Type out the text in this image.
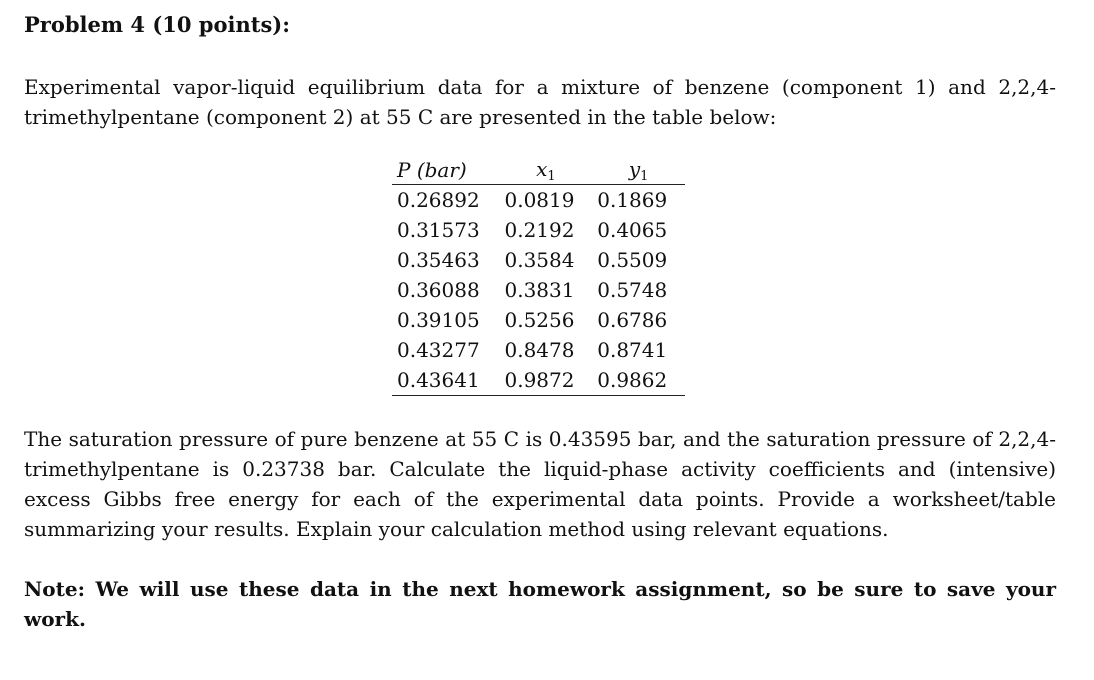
Problem 4 (10 points):

Experimental vapor-liquid equilibrium data for a mixture of benzene (component 1) and 2,2,4-trimethylpentane (component 2) at 55 C are presented in the table below:

P (bar)	$x_1$	$y_1$
0.26892	0.0819	0.1869
0.31573	0.2192	0.4065
0.35463	0.3584	0.5509
0.36088	0.3831	0.5748
0.39105	0.5256	0.6786
0.43277	0.8478	0.8741
0.43641	0.9872	0.9862

The saturation pressure of pure benzene at 55 C is 0.43595 bar, and the saturation pressure of 2,2,4-trimethylpentane is 0.23738 bar. Calculate the liquid-phase activity coefficients and (intensive) excess Gibbs free energy for each of the experimental data points. Provide a worksheet/table summarizing your results. Explain your calculation method using relevant equations.

Note: We will use these data in the next homework assignment, so be sure to save your work.
